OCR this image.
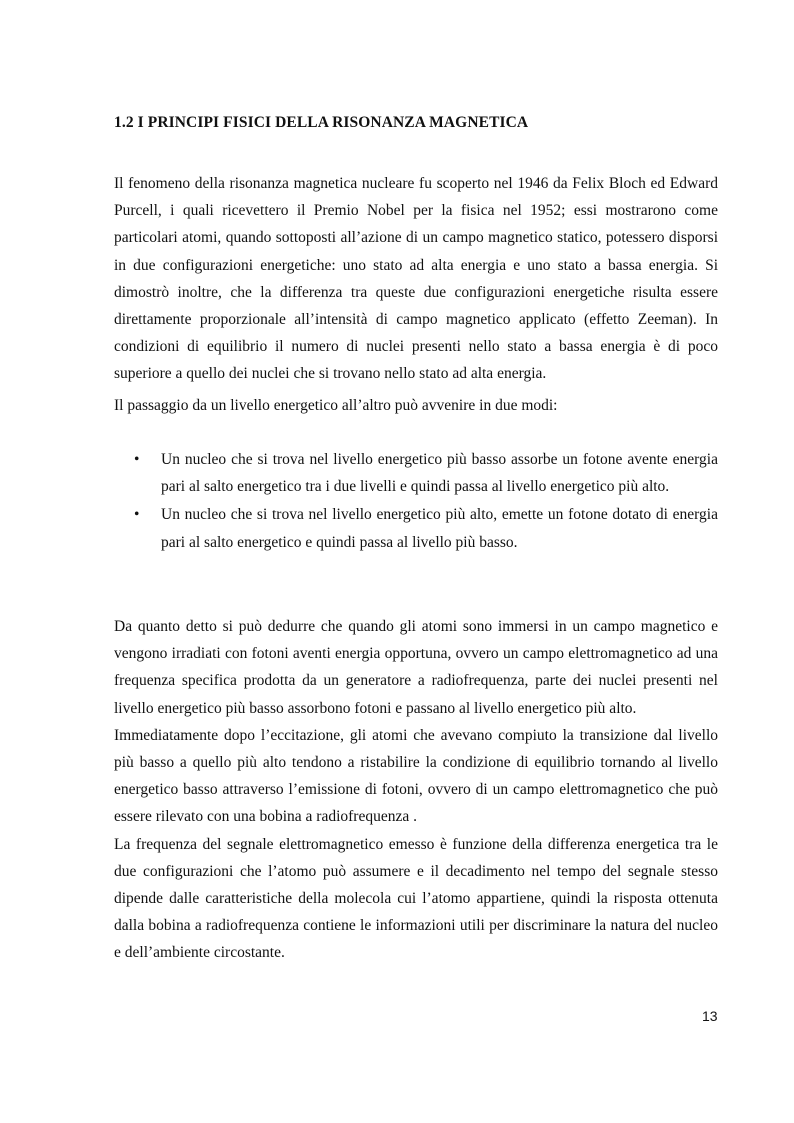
1.2 I PRINCIPI FISICI DELLA RISONANZA MAGNETICA

Il fenomeno della risonanza magnetica nucleare fu scoperto nel 1946 da Felix Bloch ed Edward Purcell, i quali ricevettero il Premio Nobel per la fisica nel 1952; essi mostrarono come particolari atomi, quando sottoposti all’azione di un campo magnetico statico, potessero disporsi in due configurazioni energetiche: uno stato ad alta energia e uno stato a bassa energia. Si dimostrò inoltre, che la differenza tra queste due configurazioni energetiche risulta essere direttamente proporzionale all’intensità di campo magnetico applicato (effetto Zeeman). In condizioni di equilibrio il numero di nuclei presenti nello stato a bassa energia è di poco superiore a quello dei nuclei che si trovano nello stato ad alta energia.

Il passaggio da un livello energetico all’altro può avvenire in due modi:

• Un nucleo che si trova nel livello energetico più basso assorbe un fotone avente energia pari al salto energetico tra i due livelli e quindi passa al livello energetico più alto.
• Un nucleo che si trova nel livello energetico più alto, emette un fotone dotato di energia pari al salto energetico e quindi passa al livello più basso.
Da quanto detto si può dedurre che quando gli atomi sono immersi in un campo magnetico e vengono irradiati con fotoni aventi energia opportuna, ovvero un campo elettromagnetico ad una frequenza specifica prodotta da un generatore a radiofrequenza, parte dei nuclei presenti nel livello energetico più basso assorbono fotoni e passano al livello energetico più alto.
Immediatamente dopo l’eccitazione, gli atomi che avevano compiuto la transizione dal livello più basso a quello più alto tendono a ristabilire la condizione di equilibrio tornando al livello energetico basso attraverso l’emissione di fotoni, ovvero di un campo elettromagnetico che può essere rilevato con una bobina a radiofrequenza .
La frequenza del segnale elettromagnetico emesso è funzione della differenza energetica tra le due configurazioni che l’atomo può assumere e il decadimento nel tempo del segnale stesso dipende dalle caratteristiche della molecola cui l’atomo appartiene, quindi la risposta ottenuta dalla bobina a radiofrequenza contiene le informazioni utili per discriminare la natura del nucleo e dell’ambiente circostante.
13
